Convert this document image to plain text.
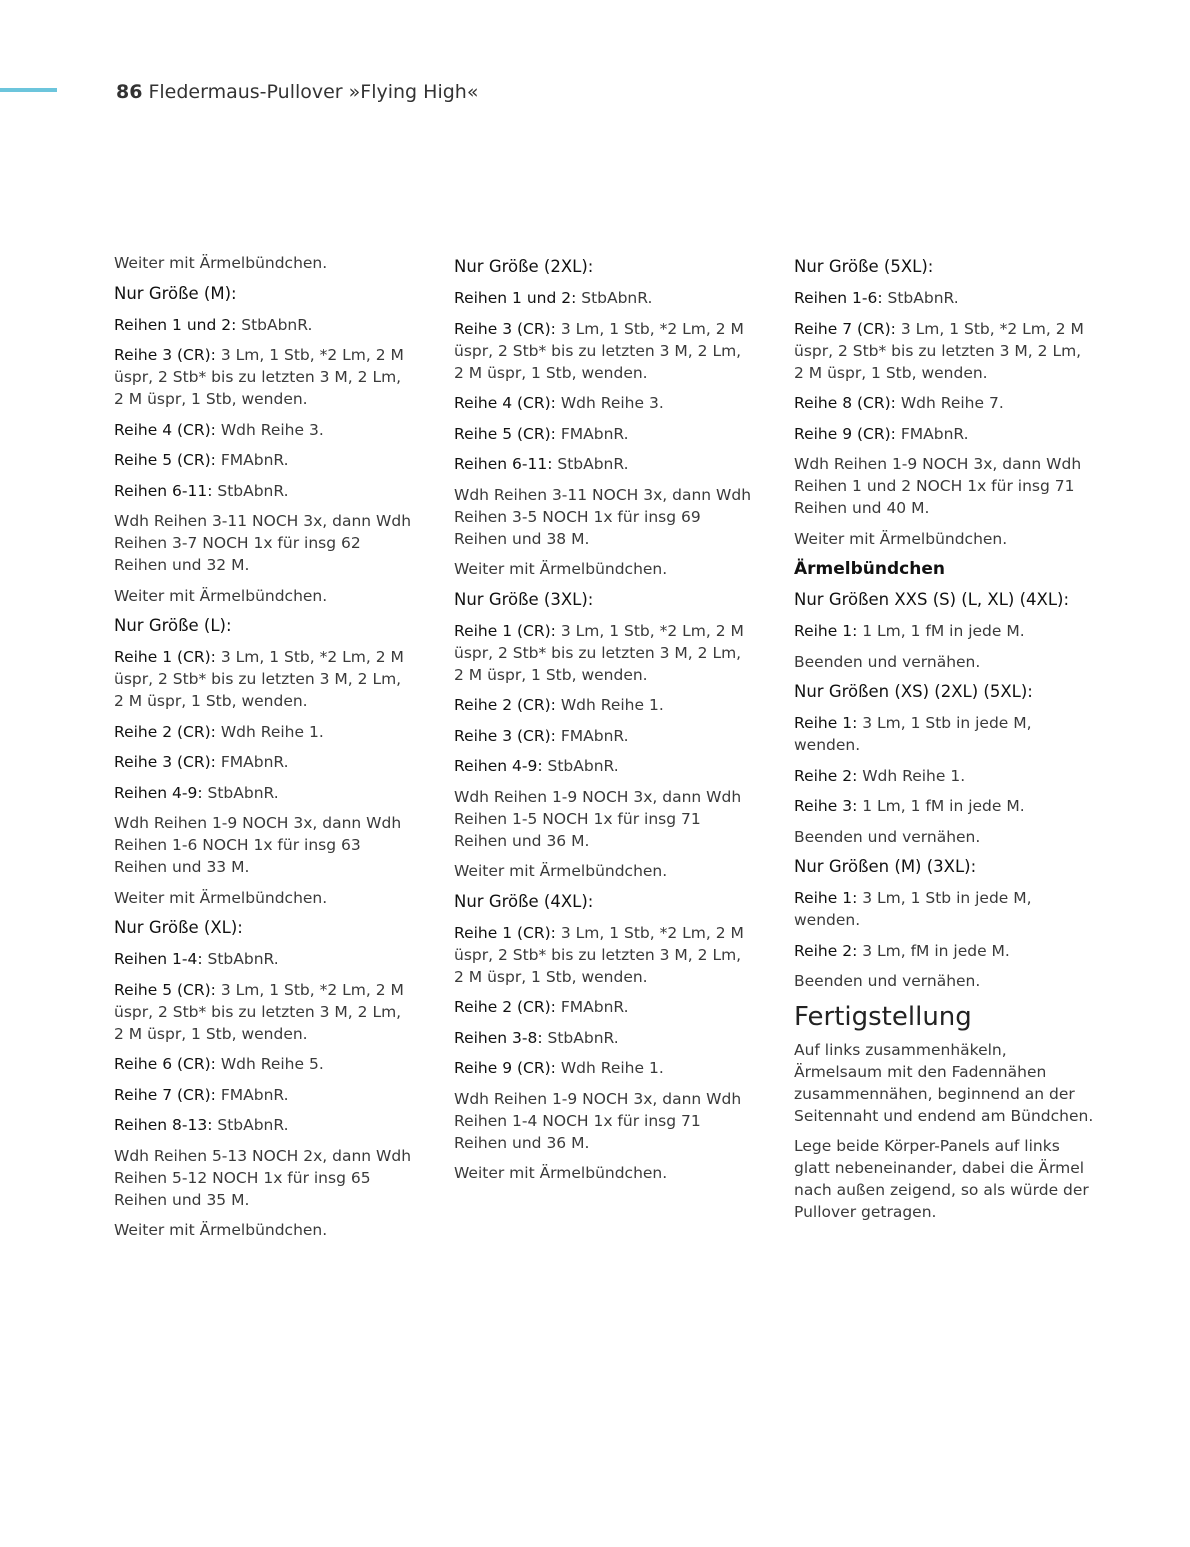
86 Fledermaus-Pullover »Flying High«
Weiter mit Ärmelbündchen.
Nur Größe (M):
Reihen 1 und 2: StbAbnR.
Reihe 3 (CR): 3 Lm, 1 Stb, *2 Lm, 2 M üspr, 2 Stb* bis zu letzten 3 M, 2 Lm, 2 M üspr, 1 Stb, wenden.
Reihe 4 (CR): Wdh Reihe 3.
Reihe 5 (CR): FMAbnR.
Reihen 6-11: StbAbnR.
Wdh Reihen 3-11 NOCH 3x, dann Wdh Reihen 3-7 NOCH 1x für insg 62 Reihen und 32 M.
Weiter mit Ärmelbündchen.
Nur Größe (L):
Reihe 1 (CR): 3 Lm, 1 Stb, *2 Lm, 2 M üspr, 2 Stb* bis zu letzten 3 M, 2 Lm, 2 M üspr, 1 Stb, wenden.
Reihe 2 (CR): Wdh Reihe 1.
Reihe 3 (CR): FMAbnR.
Reihen 4-9: StbAbnR.
Wdh Reihen 1-9 NOCH 3x, dann Wdh Reihen 1-6 NOCH 1x für insg 63 Reihen und 33 M.
Weiter mit Ärmelbündchen.
Nur Größe (XL):
Reihen 1-4: StbAbnR.
Reihe 5 (CR): 3 Lm, 1 Stb, *2 Lm, 2 M üspr, 2 Stb* bis zu letzten 3 M, 2 Lm, 2 M üspr, 1 Stb, wenden.
Reihe 6 (CR): Wdh Reihe 5.
Reihe 7 (CR): FMAbnR.
Reihen 8-13: StbAbnR.
Wdh Reihen 5-13 NOCH 2x, dann Wdh Reihen 5-12 NOCH 1x für insg 65 Reihen und 35 M.
Weiter mit Ärmelbündchen.
Nur Größe (2XL):
Reihen 1 und 2: StbAbnR.
Reihe 3 (CR): 3 Lm, 1 Stb, *2 Lm, 2 M üspr, 2 Stb* bis zu letzten 3 M, 2 Lm, 2 M üspr, 1 Stb, wenden.
Reihe 4 (CR): Wdh Reihe 3.
Reihe 5 (CR): FMAbnR.
Reihen 6-11: StbAbnR.
Wdh Reihen 3-11 NOCH 3x, dann Wdh Reihen 3-5 NOCH 1x für insg 69 Reihen und 38 M.
Weiter mit Ärmelbündchen.
Nur Größe (3XL):
Reihe 1 (CR): 3 Lm, 1 Stb, *2 Lm, 2 M üspr, 2 Stb* bis zu letzten 3 M, 2 Lm, 2 M üspr, 1 Stb, wenden.
Reihe 2 (CR): Wdh Reihe 1.
Reihe 3 (CR): FMAbnR.
Reihen 4-9: StbAbnR.
Wdh Reihen 1-9 NOCH 3x, dann Wdh Reihen 1-5 NOCH 1x für insg 71 Reihen und 36 M.
Weiter mit Ärmelbündchen.
Nur Größe (4XL):
Reihe 1 (CR): 3 Lm, 1 Stb, *2 Lm, 2 M üspr, 2 Stb* bis zu letzten 3 M, 2 Lm, 2 M üspr, 1 Stb, wenden.
Reihe 2 (CR): FMAbnR.
Reihen 3-8: StbAbnR.
Reihe 9 (CR): Wdh Reihe 1.
Wdh Reihen 1-9 NOCH 3x, dann Wdh Reihen 1-4 NOCH 1x für insg 71 Reihen und 36 M.
Weiter mit Ärmelbündchen.
Nur Größe (5XL):
Reihen 1-6: StbAbnR.
Reihe 7 (CR): 3 Lm, 1 Stb, *2 Lm, 2 M üspr, 2 Stb* bis zu letzten 3 M, 2 Lm, 2 M üspr, 1 Stb, wenden.
Reihe 8 (CR): Wdh Reihe 7.
Reihe 9 (CR): FMAbnR.
Wdh Reihen 1-9 NOCH 3x, dann Wdh Reihen 1 und 2 NOCH 1x für insg 71 Reihen und 40 M.
Weiter mit Ärmelbündchen.
Ärmelbündchen
Nur Größen XXS (S) (L, XL) (4XL):
Reihe 1: 1 Lm, 1 fM in jede M.
Beenden und vernähen.
Nur Größen (XS) (2XL) (5XL):
Reihe 1: 3 Lm, 1 Stb in jede M, wenden.
Reihe 2: Wdh Reihe 1.
Reihe 3: 1 Lm, 1 fM in jede M.
Beenden und vernähen.
Nur Größen (M) (3XL):
Reihe 1: 3 Lm, 1 Stb in jede M, wenden.
Reihe 2: 3 Lm, fM in jede M.
Beenden und vernähen.
Fertigstellung
Auf links zusammenhäkeln, Ärmelsaum mit den Fadennähen zusammennähen, beginnend an der Seitennaht und endend am Bündchen.
Lege beide Körper-Panels auf links glatt nebeneinander, dabei die Ärmel nach außen zeigend, so als würde der Pullover getragen.
